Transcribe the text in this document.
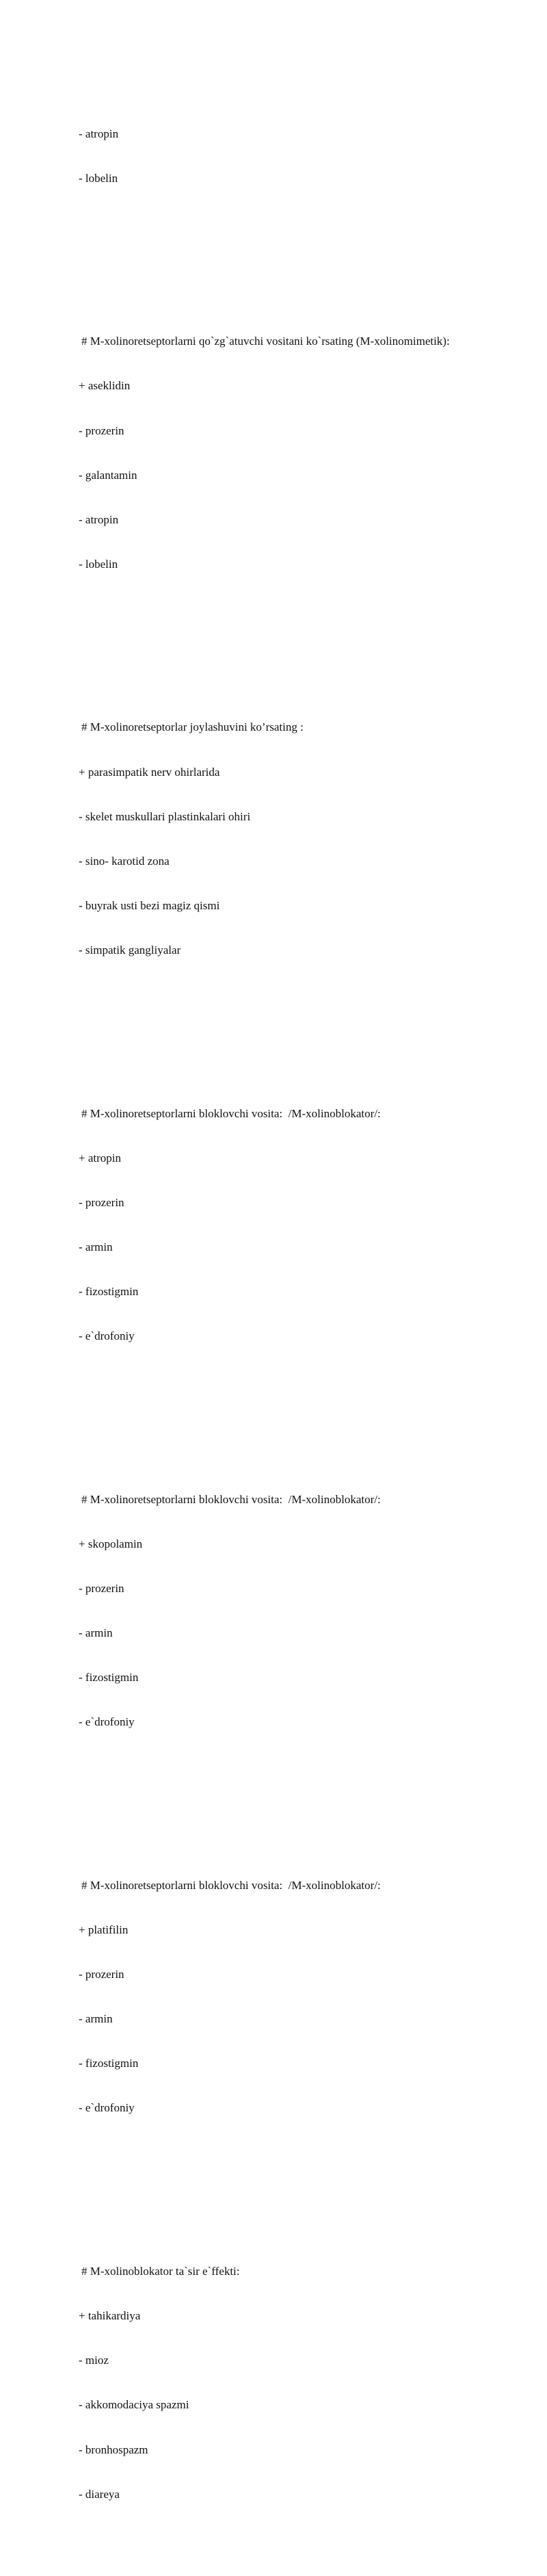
- atropin

- lobelin

# M-xolinoretseptorlarni qo`zg`atuvchi vositani ko`rsating (M-xolinomimetik):

+ aseklidin

- prozerin

- galantamin

- atropin

- lobelin

# M-xolinoretseptorlar joylashuvini ko’rsating :

+ parasimpatik nerv ohirlarida

- skelet muskullari plastinkalari ohiri

- sino- karotid zona

- buyrak usti bezi magiz qismi

- simpatik gangliyalar

# M-xolinoretseptorlarni bloklovchi vosita:  /M-xolinoblokator/:

+ atropin

- prozerin

- armin

- fizostigmin

- e`drofoniy

# M-xolinoretseptorlarni bloklovchi vosita:  /M-xolinoblokator/:

+ skopolamin

- prozerin

- armin

- fizostigmin

- e`drofoniy

# M-xolinoretseptorlarni bloklovchi vosita:  /M-xolinoblokator/:

+ platifilin

- prozerin

- armin

- fizostigmin

- e`drofoniy

# M-xolinoblokator ta`sir e`ffekti:

+ tahikardiya

- mioz

- akkomodaciya spazmi

- bronhospazm

- diareya
